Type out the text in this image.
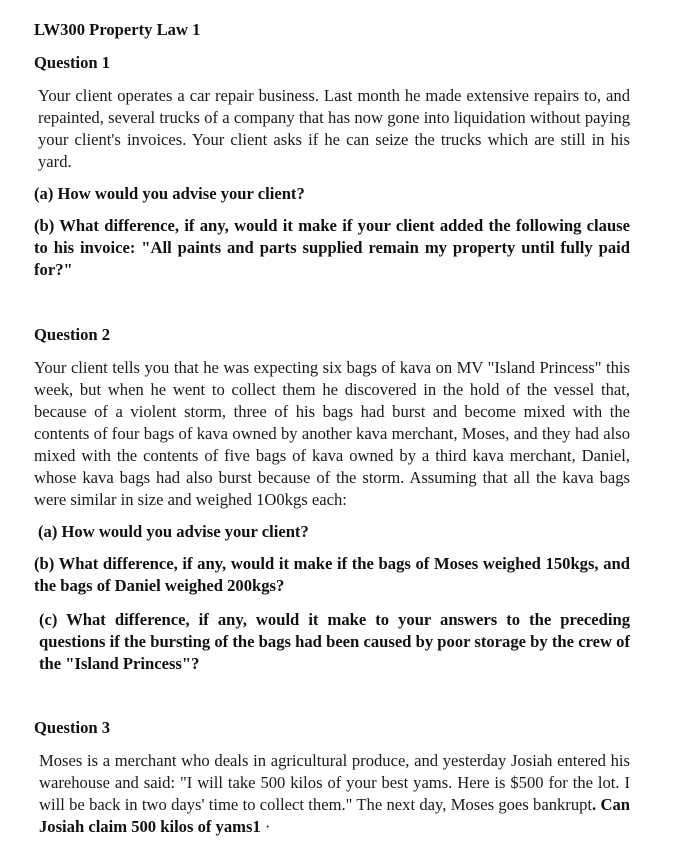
LW300 Property Law 1

Question 1

Your client operates a car repair business. Last month he made extensive repairs to, and repainted, several trucks of a company that has now gone into liquidation without paying your client's invoices. Your client asks if he can seize the trucks which are still in his yard.

(a) How would you advise your client?

(b) What difference, if any, would it make if your client added the following clause to his invoice: "All paints and parts supplied remain my property until fully paid for?"

Question 2

Your client tells you that he was expecting six bags of kava on MV "Island Princess" this week, but when he went to collect them he discovered in the hold of the vessel that, because of a violent storm, three of his bags had burst and become mixed with the contents of four bags of kava owned by another kava merchant, Moses, and they had also mixed with the contents of five bags of kava owned by a third kava merchant, Daniel, whose kava bags had also burst because of the storm. Assuming that all the kava bags were similar in size and weighed 1O0kgs each:

(a) How would you advise your client?

(b) What difference, if any, would it make if the bags of Moses weighed 150kgs, and the bags of Daniel weighed 200kgs?

(c) What difference, if any, would it make to your answers to the preceding questions if the bursting of the bags had been caused by poor storage by the crew of the "Island Princess"?

Question 3

Moses is a merchant who deals in agricultural produce, and yesterday Josiah entered his warehouse and said: "I will take 500 kilos of your best yams. Here is $500 for the lot. I will be back in two days' time to collect them." The next day, Moses goes bankrupt. Can Josiah claim 500 kilos of yams1 ·
